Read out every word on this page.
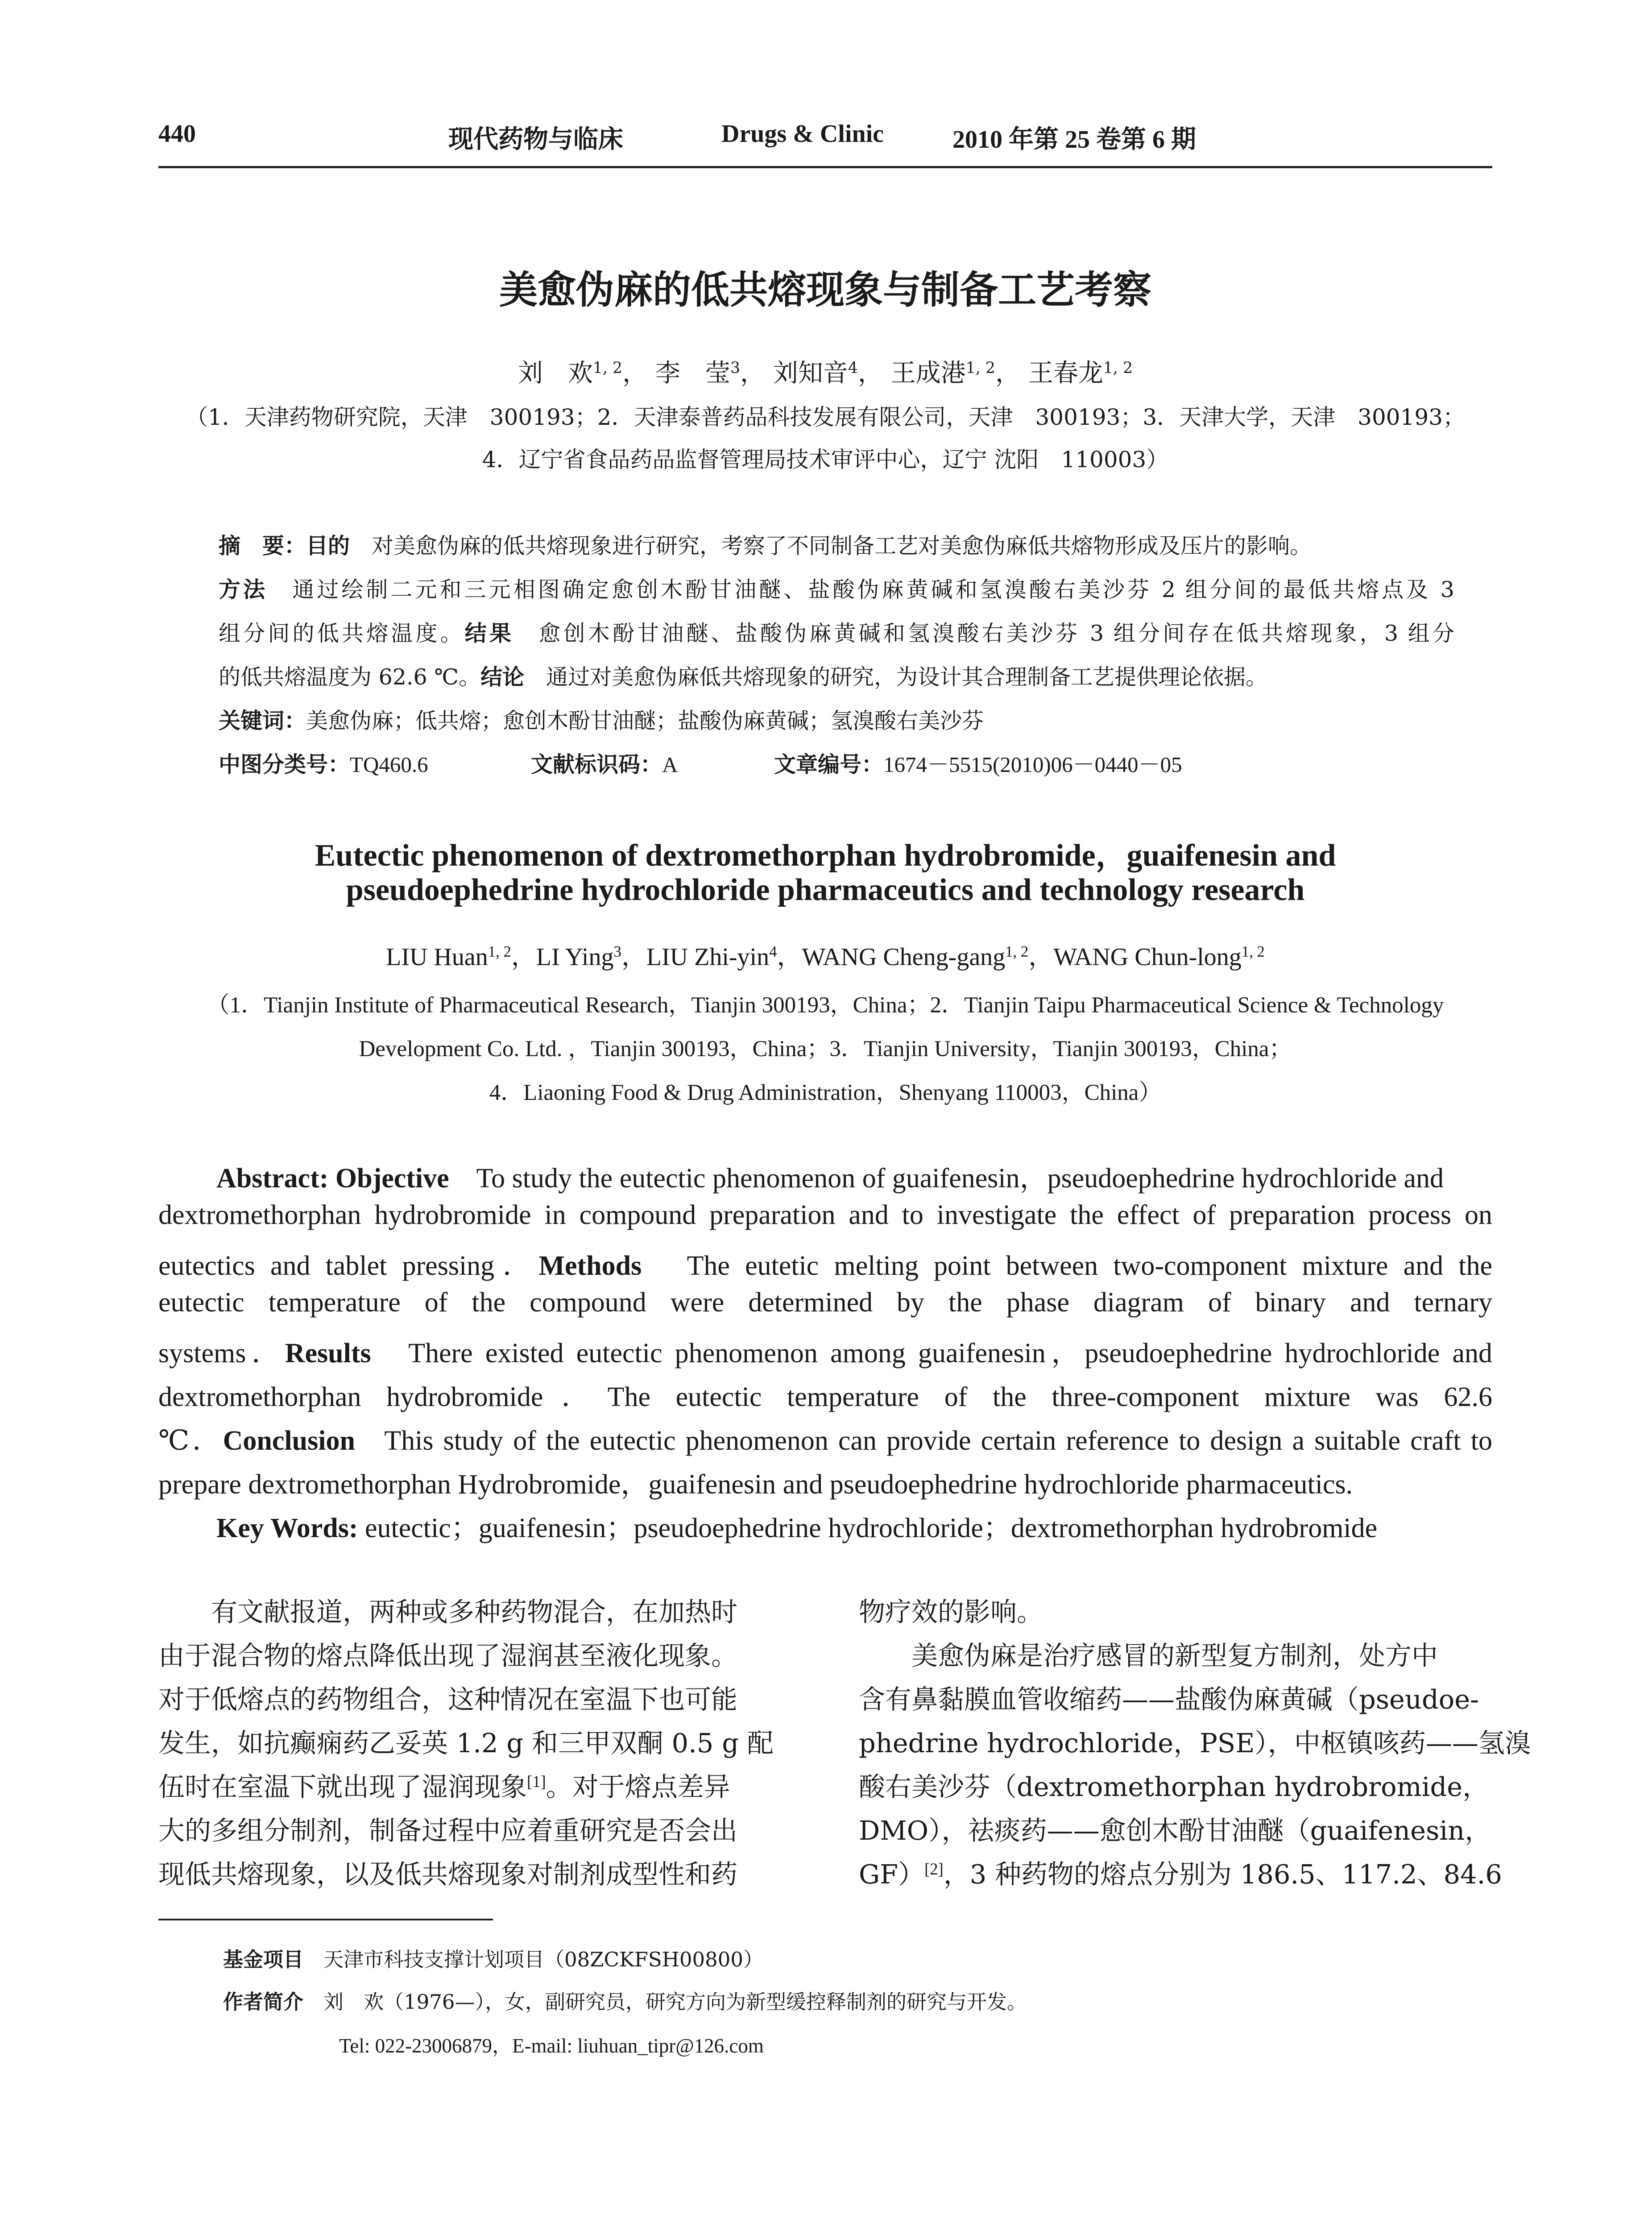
440	现代药物与临床	Drugs & Clinic	2010 年第 25 卷第 6 期
美愈伪麻的低共熔现象与制备工艺考察
刘　欢$^{1, 2}$， 李　莹$^3$， 刘知音$^4$， 王成港$^{1, 2}$， 王春龙$^{1, 2}$
（1．天津药物研究院，天津　300193；2．天津泰普药品科技发展有限公司，天津　300193；3．天津大学，天津　300193；
4．辽宁省食品药品监督管理局技术审评中心，辽宁 沈阳　110003）
摘　要：目的　 对美愈伪麻的低共熔现象进行研究，考察了不同制备工艺对美愈伪麻低共熔物形成及压片的影响。
方法　 通过绘制二元和三元相图确定愈创木酚甘油醚、盐酸伪麻黄碱和氢溴酸右美沙芬 2 组分间的最低共熔点及 3
组分间的低共熔温度。结果　 愈创木酚甘油醚、盐酸伪麻黄碱和氢溴酸右美沙芬 3 组分间存在低共熔现象，3 组分
的低共熔温度为 62.6 ℃。结论　 通过对美愈伪麻低共熔现象的研究，为设计其合理制备工艺提供理论依据。
关键词：美愈伪麻；低共熔；愈创木酚甘油醚；盐酸伪麻黄碱；氢溴酸右美沙芬
中图分类号：TQ460.6	文献标识码：A	文章编号：1674－5515(2010)06－0440－05
Eutectic phenomenon of dextromethorphan hydrobromide，guaifenesin and
pseudoephedrine hydrochloride pharmaceutics and technology research
LIU Huan$^{1, 2}$，LI Ying$^3$，LIU Zhi-yin$^4$，WANG Cheng-gang$^{1, 2}$，WANG Chun-long$^{1, 2}$
（1．Tianjin Institute of Pharmaceutical Research，Tianjin 300193，China；2．Tianjin Taipu Pharmaceutical Science & Technology
Development Co. Ltd. ，Tianjin 300193，China；3．Tianjin University，Tianjin 300193，China；
4．Liaoning Food & Drug Administration，Shenyang 110003，China）
Abstract: Objective To study the eutectic phenomenon of guaifenesin，pseudoephedrine hydrochloride and
dextromethorphan hydrobromide in compound preparation and to investigate the effect of preparation process on
eutectics and tablet pressing．Methods The eutetic melting point between two-component mixture and the
eutectic temperature of the compound were determined by the phase diagram of binary and ternary
systems．Results There existed eutectic phenomenon among guaifenesin，pseudoephedrine hydrochloride and
dextromethorphan hydrobromide．The eutectic temperature of the three-component mixture was 62.6
℃．Conclusion This study of the eutectic phenomenon can provide certain reference to design a suitable craft to
prepare dextromethorphan Hydrobromide，guaifenesin and pseudoephedrine hydrochloride pharmaceutics.
Key Words: eutectic；guaifenesin；pseudoephedrine hydrochloride；dextromethorphan hydrobromide
有文献报道，两种或多种药物混合，在加热时
由于混合物的熔点降低出现了湿润甚至液化现象。
对于低熔点的药物组合，这种情况在室温下也可能
发生，如抗癫痫药乙妥英 1.2 g 和三甲双酮 0.5 g 配
伍时在室温下就出现了湿润现象[1]。对于熔点差异
大的多组分制剂，制备过程中应着重研究是否会出
现低共熔现象，以及低共熔现象对制剂成型性和药
物疗效的影响。
美愈伪麻是治疗感冒的新型复方制剂，处方中
含有鼻黏膜血管收缩药——盐酸伪麻黄碱（pseudoe-
phedrine hydrochloride，PSE），中枢镇咳药——氢溴
酸右美沙芬（dextromethorphan hydrobromide，
DMO），祛痰药——愈创木酚甘油醚（guaifenesin，
GF）[2]，3 种药物的熔点分别为 186.5、117.2、84.6
基金项目　 天津市科技支撑计划项目（08ZCKFSH00800）
作者简介　 刘　欢（1976—），女，副研究员，研究方向为新型缓控释制剂的研究与开发。
Tel: 022-23006879，E-mail: liuhuan_tipr@126.com
